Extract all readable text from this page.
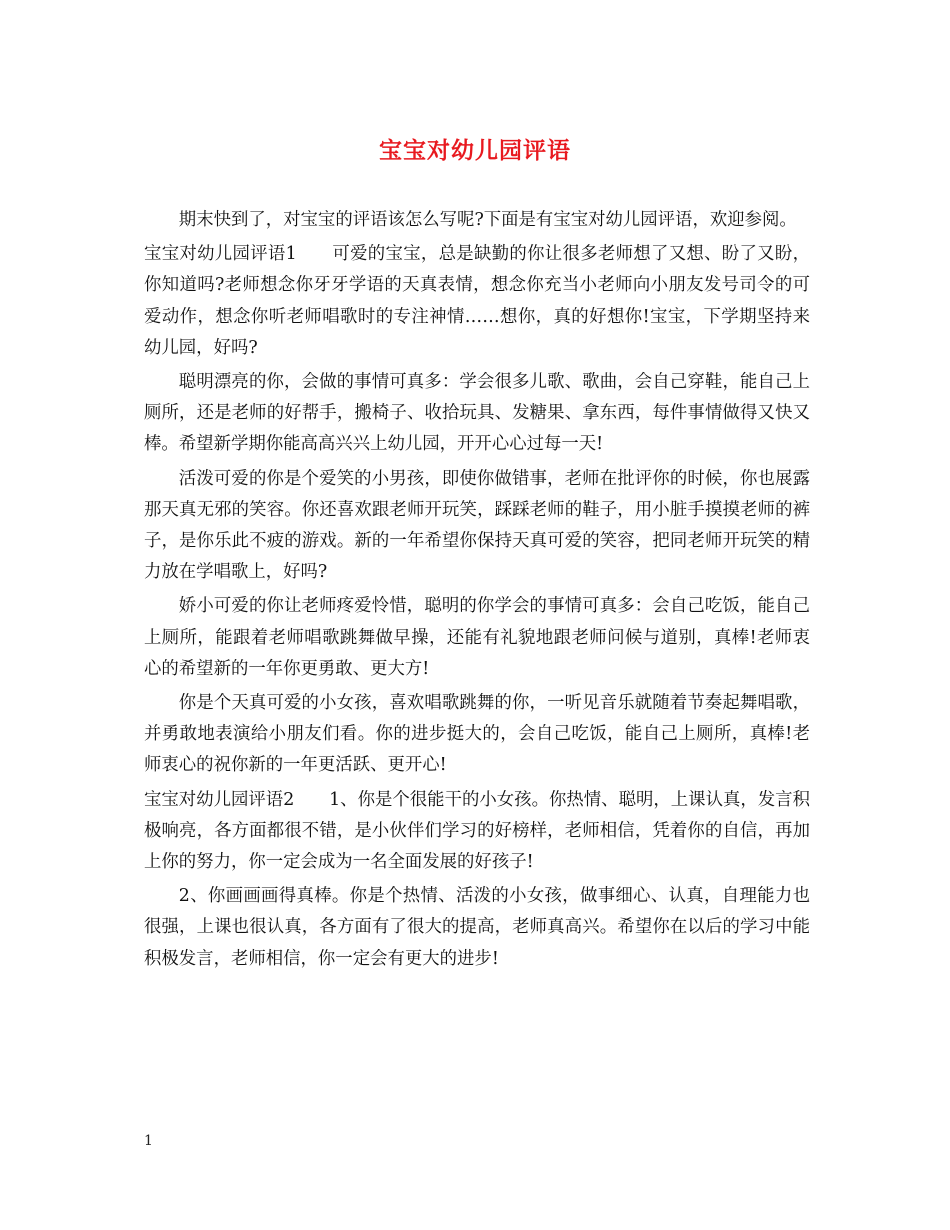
宝宝对幼儿园评语

期末快到了，对宝宝的评语该怎么写呢?下面是有宝宝对幼儿园评语，欢迎参阅。

宝宝对幼儿园评语1　　 可爱的宝宝，总是缺勤的你让很多老师想了又想、盼了又盼，你知道吗?老师想念你牙牙学语的天真表情，想念你充当小老师向小朋友发号司令的可爱动作，想念你听老师唱歌时的专注神情……想你，真的好想你!宝宝，下学期坚持来幼儿园，好吗?

聪明漂亮的你，会做的事情可真多：学会很多儿歌、歌曲，会自己穿鞋，能自己上厕所，还是老师的好帮手，搬椅子、收拾玩具、发糖果、拿东西，每件事情做得又快又棒。希望新学期你能高高兴兴上幼儿园，开开心心过每一天!

活泼可爱的你是个爱笑的小男孩，即使你做错事，老师在批评你的时候，你也展露那天真无邪的笑容。你还喜欢跟老师开玩笑，踩踩老师的鞋子，用小脏手摸摸老师的裤子，是你乐此不疲的游戏。新的一年希望你保持天真可爱的笑容，把同老师开玩笑的精力放在学唱歌上，好吗?

娇小可爱的你让老师疼爱怜惜，聪明的你学会的事情可真多：会自己吃饭，能自己上厕所，能跟着老师唱歌跳舞做早操，还能有礼貌地跟老师问候与道别，真棒!老师衷心的希望新的一年你更勇敢、更大方!

你是个天真可爱的小女孩，喜欢唱歌跳舞的你，一听见音乐就随着节奏起舞唱歌，并勇敢地表演给小朋友们看。你的进步挺大的，会自己吃饭，能自己上厕所，真棒!老师衷心的祝你新的一年更活跃、更开心!

宝宝对幼儿园评语2　　 1、你是个很能干的小女孩。你热情、聪明，上课认真，发言积极响亮，各方面都很不错，是小伙伴们学习的好榜样，老师相信，凭着你的自信，再加上你的努力，你一定会成为一名全面发展的好孩子!

2、你画画画得真棒。你是个热情、活泼的小女孩，做事细心、认真，自理能力也很强，上课也很认真，各方面有了很大的提高，老师真高兴。希望你在以后的学习中能积极发言，老师相信，你一定会有更大的进步!

1
